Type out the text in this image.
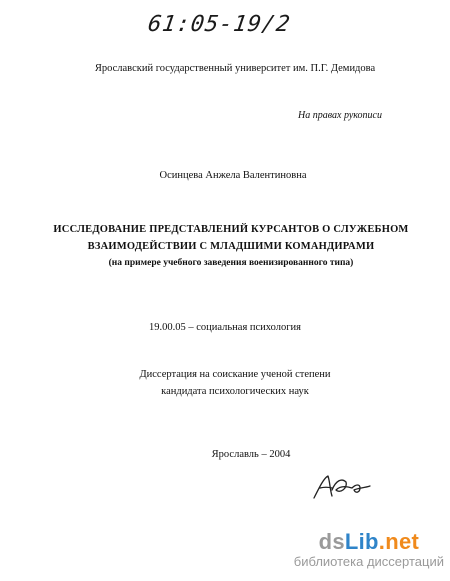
61:05-19/2
Ярославский государственный университет им. П.Г. Демидова
На правах рукописи
Осинцева Анжела Валентиновна
ИССЛЕДОВАНИЕ ПРЕДСТАВЛЕНИЙ КУРСАНТОВ О СЛУЖЕБНОМ
ВЗАИМОДЕЙСТВИИ С МЛАДШИМИ КОМАНДИРАМИ
(на примере учебного заведения военизированного типа)
19.00.05 – социальная психология
Диссертация на соискание ученой степени
кандидата психологических наук
Ярославль – 2004
dsLib.net
библиотека диссертаций
